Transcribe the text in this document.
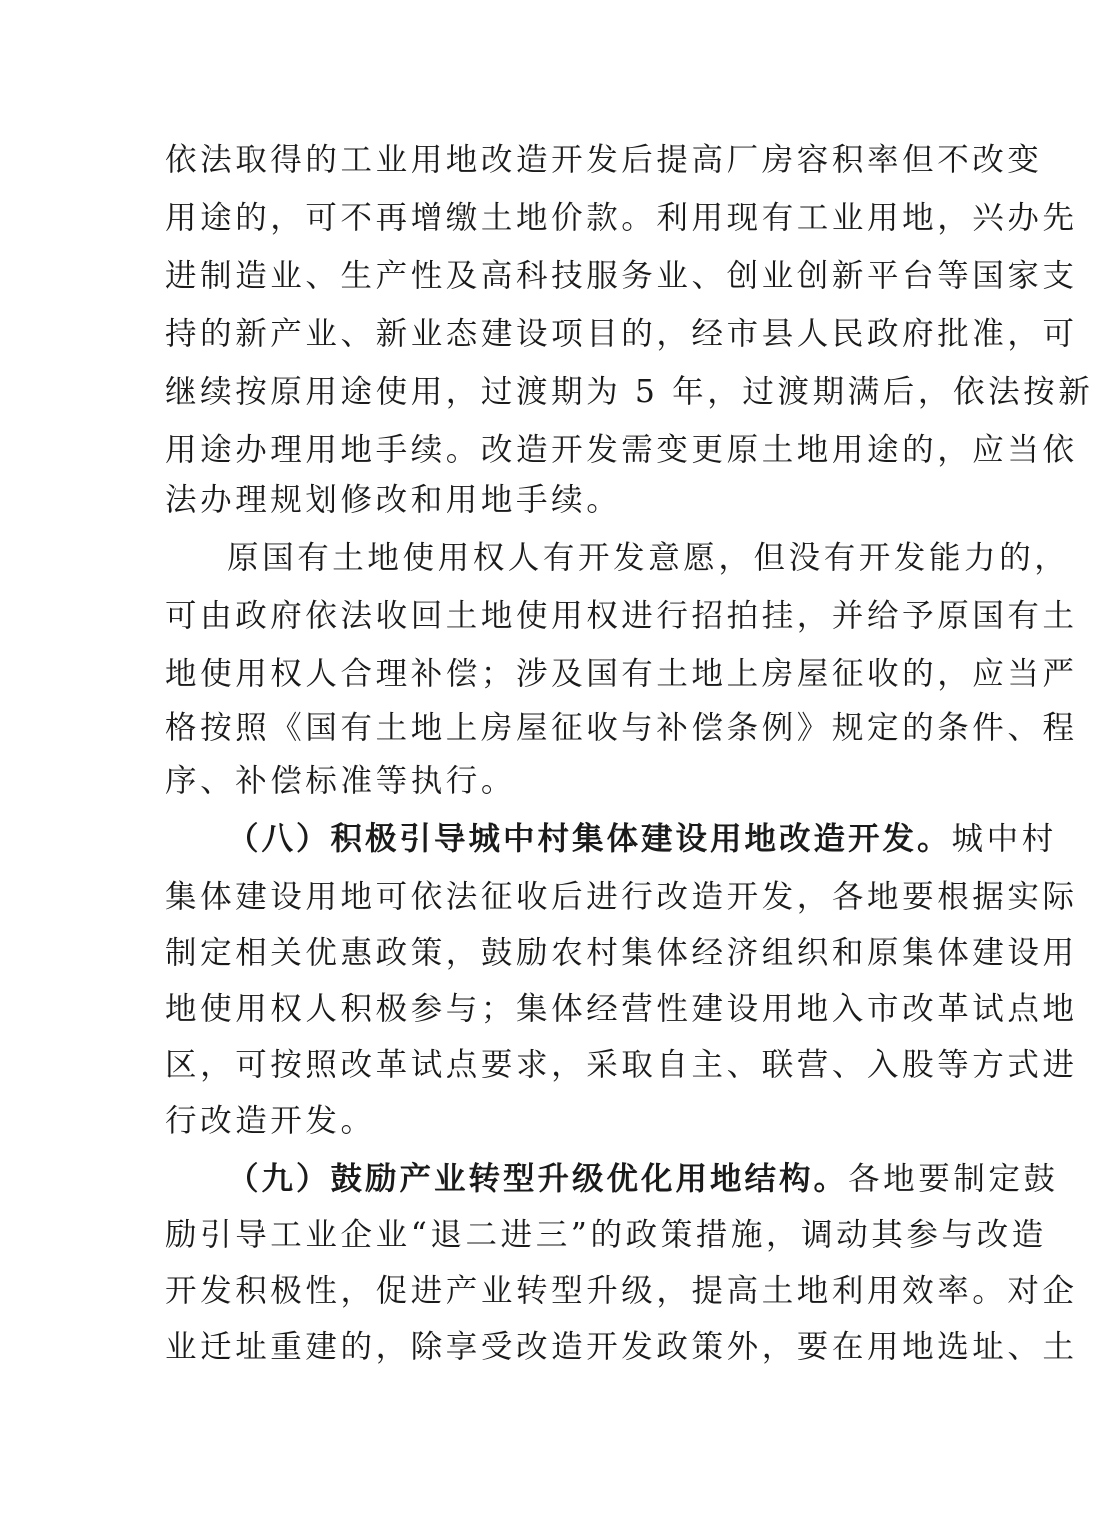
依法取得的工业用地改造开发后提高厂房容积率但不改变
用途的，可不再增缴土地价款。利用现有工业用地，兴办先
进制造业、生产性及高科技服务业、创业创新平台等国家支
持的新产业、新业态建设项目的，经市县人民政府批准，可
继续按原用途使用，过渡期为 5 年，过渡期满后，依法按新
用途办理用地手续。改造开发需变更原土地用途的，应当依
法办理规划修改和用地手续。
原国有土地使用权人有开发意愿，但没有开发能力的，
可由政府依法收回土地使用权进行招拍挂，并给予原国有土
地使用权人合理补偿；涉及国有土地上房屋征收的，应当严
格按照《国有土地上房屋征收与补偿条例》规定的条件、程
序、补偿标准等执行。
（八）积极引导城中村集体建设用地改造开发。 城中村
集体建设用地可依法征收后进行改造开发，各地要根据实际
制定相关优惠政策，鼓励农村集体经济组织和原集体建设用
地使用权人积极参与；集体经营性建设用地入市改革试点地
区，可按照改革试点要求，采取自主、联营、入股等方式进
行改造开发。
（九）鼓励产业转型升级优化用地结构。 各地要制定鼓
励引导工业企业“退二进三”的政策措施，调动其参与改造
开发积极性，促进产业转型升级，提高土地利用效率。对企
业迁址重建的，除享受改造开发政策外，要在用地选址、土
